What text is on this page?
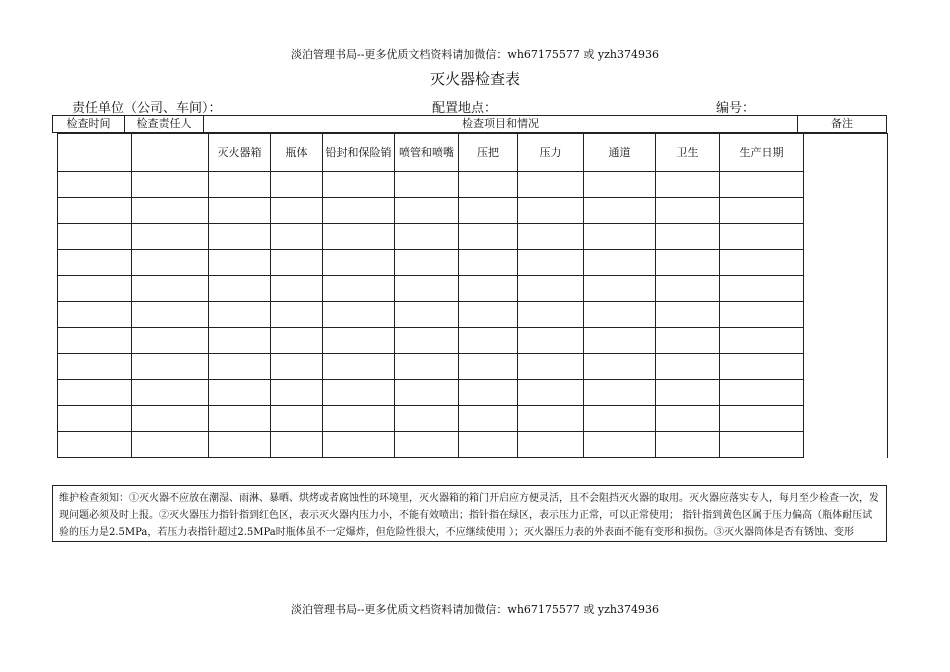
淡泊管理书局--更多优质文档资料请加微信：wh67175577 或 yzh374936
灭火器检查表
责任单位（公司、车间）：	配置地点：	编号：
检查时间	检查责任人	检查项目和情况	备注
		灭火器箱	瓶体	铅封和保险销	喷管和喷嘴	压把	压力	通道	卫生	生产日期	

维护检查须知：①灭火器不应放在潮湿、雨淋、暴晒、烘烤或者腐蚀性的环境里，灭火器箱的箱门开启应方便灵活，且不会阻挡灭火器的取用。灭火器应落实专人，每月至少检查一次，发现问题必须及时上报。②灭火器压力指针指到红色区，表示灭火器内压力小，不能有效喷出；指针指在绿区，表示压力正常，可以正常使用； 指针指到黄色区属于压力偏高（瓶体耐压试验的压力是2.5MPa，若压力表指针超过2.5MPa时瓶体虽不一定爆炸，但危险性很大，不应继续使用 ）；灭火器压力表的外表面不能有变形和损伤。③灭火器筒体是否有锈蚀、变形
淡泊管理书局--更多优质文档资料请加微信：wh67175577 或 yzh374936
